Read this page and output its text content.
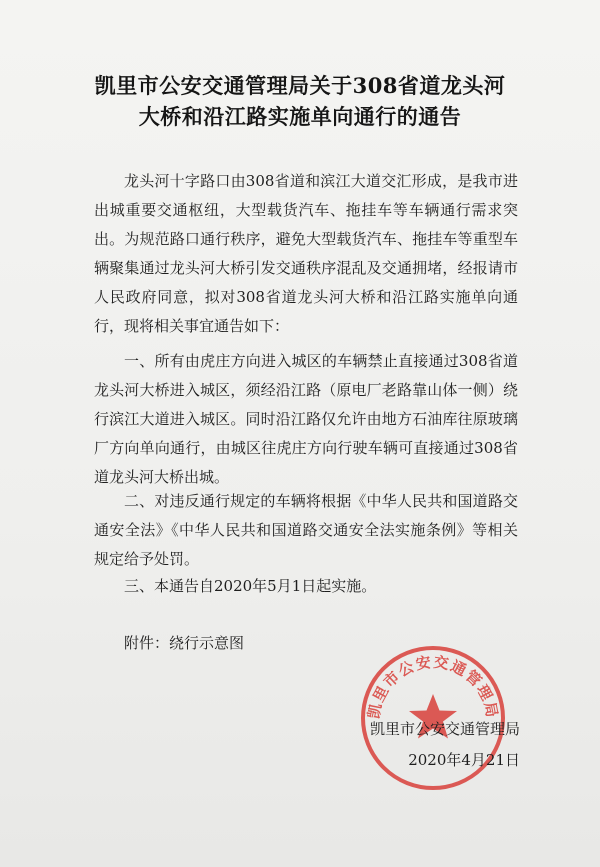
凯里市公安交通管理局关于308省道龙头河
大桥和沿江路实施单向通行的通告

龙头河十字路口由308省道和滨江大道交汇形成，是我市进出城重要交通枢纽，大型载货汽车、拖挂车等车辆通行需求突出。为规范路口通行秩序，避免大型载货汽车、拖挂车等重型车辆聚集通过龙头河大桥引发交通秩序混乱及交通拥堵，经报请市人民政府同意，拟对308省道龙头河大桥和沿江路实施单向通行，现将相关事宜通告如下：

一、所有由虎庄方向进入城区的车辆禁止直接通过308省道龙头河大桥进入城区，须经沿江路（原电厂老路靠山体一侧）绕行滨江大道进入城区。同时沿江路仅允许由地方石油库往原玻璃厂方向单向通行，由城区往虎庄方向行驶车辆可直接通过308省道龙头河大桥出城。

二、对违反通行规定的车辆将根据《中华人民共和国道路交通安全法》《中华人民共和国道路交通安全法实施条例》等相关规定给予处罚。

三、本通告自2020年5月1日起实施。

附件：绕行示意图

凯里市公安交通管理局
凯里市公安交通管理局
2020年4月21日
